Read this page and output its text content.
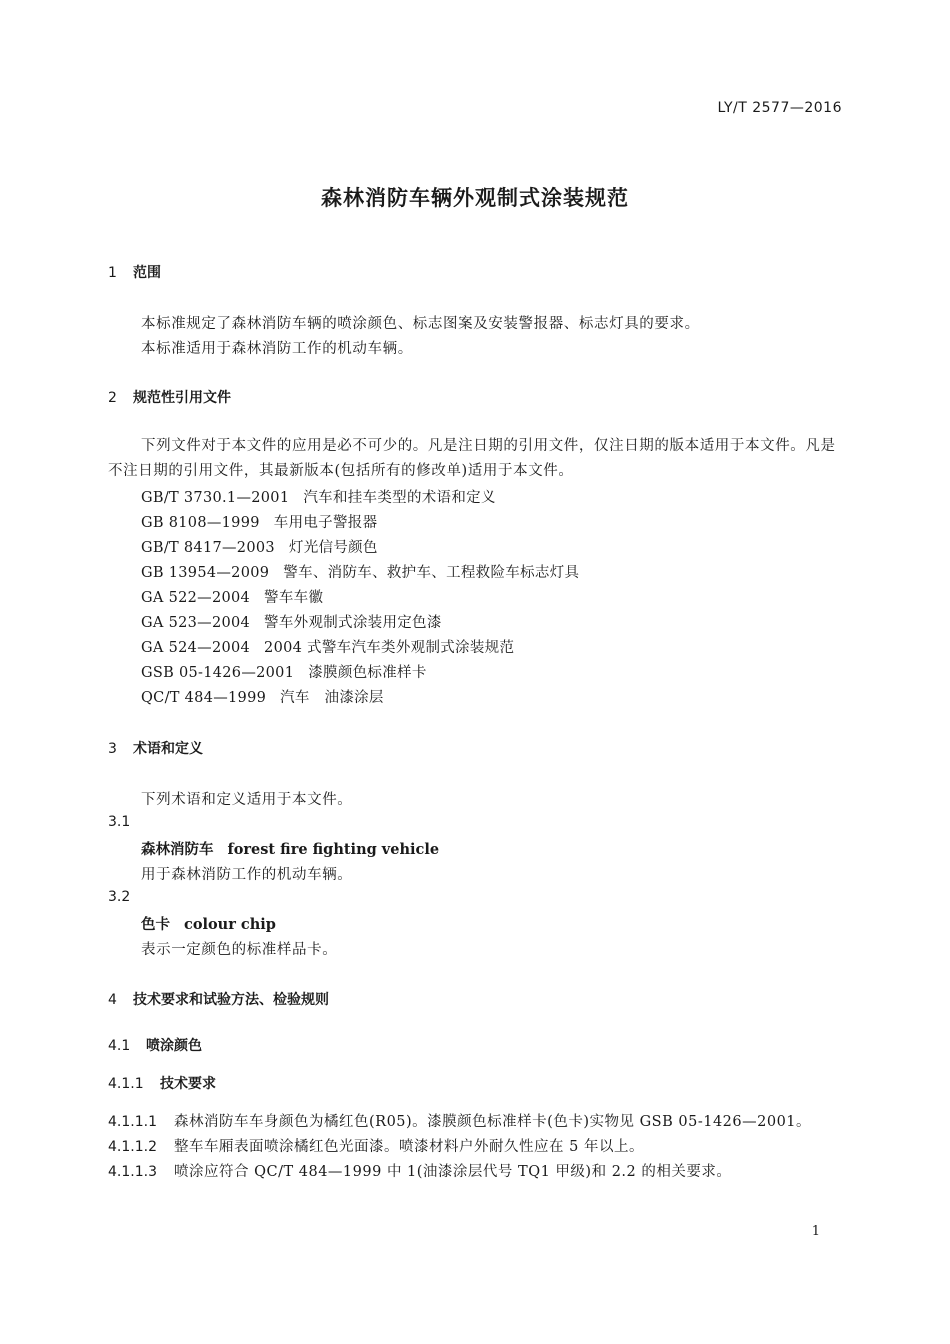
LY/T 2577—2016
森林消防车辆外观制式涂装规范
1 范围
本标准规定了森林消防车辆的喷涂颜色、标志图案及安装警报器、标志灯具的要求。
本标准适用于森林消防工作的机动车辆。
2 规范性引用文件
下列文件对于本文件的应用是必不可少的。凡是注日期的引用文件，仅注日期的版本适用于本文件。凡是不注日期的引用文件，其最新版本(包括所有的修改单)适用于本文件。
GB/T 3730.1—2001 汽车和挂车类型的术语和定义
GB 8108—1999 车用电子警报器
GB/T 8417—2003 灯光信号颜色
GB 13954—2009 警车、消防车、救护车、工程救险车标志灯具
GA 522—2004 警车车徽
GA 523—2004 警车外观制式涂装用定色漆
GA 524—2004 2004 式警车汽车类外观制式涂装规范
GSB 05-1426—2001 漆膜颜色标准样卡
QC/T 484—1999 汽车　油漆涂层
3 术语和定义
下列术语和定义适用于本文件。
3.1
森林消防车 forest fire fighting vehicle
用于森林消防工作的机动车辆。
3.2
色卡 colour chip
表示一定颜色的标准样品卡。
4 技术要求和试验方法、检验规则
4.1 喷涂颜色
4.1.1 技术要求
4.1.1.1 森林消防车车身颜色为橘红色(R05)。漆膜颜色标准样卡(色卡)实物见 GSB 05-1426—2001。
4.1.1.2 整车车厢表面喷涂橘红色光面漆。喷漆材料户外耐久性应在 5 年以上。
4.1.1.3 喷涂应符合 QC/T 484—1999 中 1(油漆涂层代号 TQ1 甲级)和 2.2 的相关要求。
1
